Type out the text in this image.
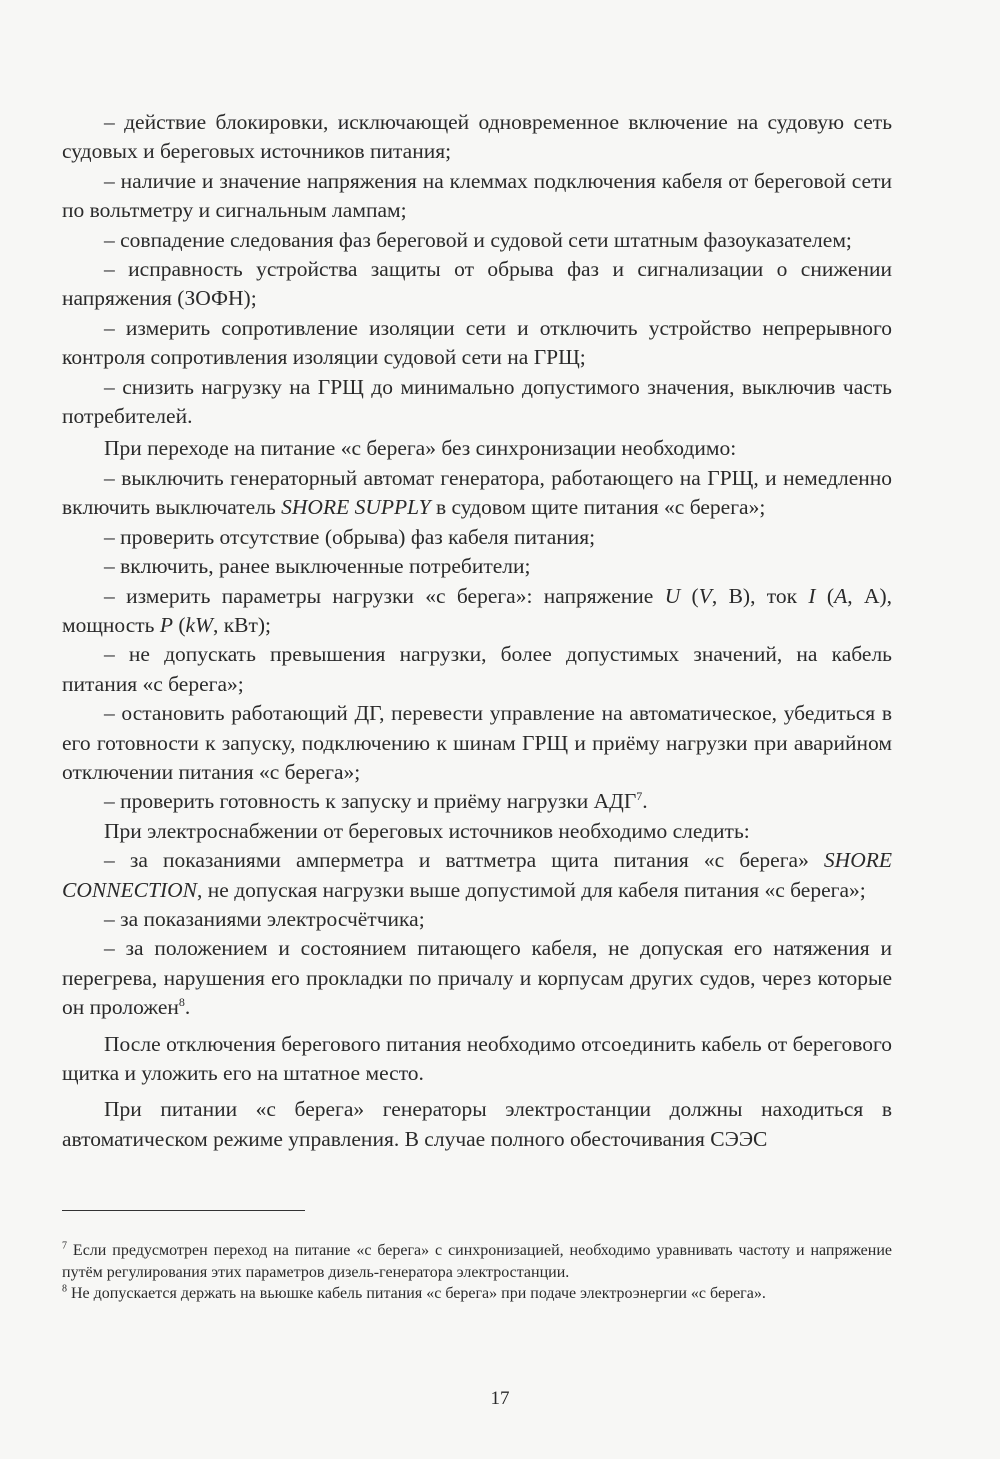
– действие блокировки, исключающей одновременное включение на судовую сеть судовых и береговых источников питания;

– наличие и значение напряжения на клеммах подключения кабеля от береговой сети по вольтметру и сигнальным лампам;

– совпадение следования фаз береговой и судовой сети штатным фазоуказателем;

– исправность устройства защиты от обрыва фаз и сигнализации о снижении напряжения (ЗОФН);

– измерить сопротивление изоляции сети и отключить устройство непрерывного контроля сопротивления изоляции судовой сети на ГРЩ;

– снизить нагрузку на ГРЩ до минимально допустимого значения, выключив часть потребителей.

При переходе на питание «с берега» без синхронизации необходимо:

– выключить генераторный автомат генератора, работающего на ГРЩ, и немедленно включить выключатель SHORE SUPPLY в судовом щите питания «с берега»;

– проверить отсутствие (обрыва) фаз кабеля питания;

– включить, ранее выключенные потребители;

– измерить параметры нагрузки «с берега»: напряжение U (V, В), ток I (A, А), мощность P (kW, кВт);

– не допускать превышения нагрузки, более допустимых значений, на кабель питания «с берега»;

– остановить работающий ДГ, перевести управление на автоматическое, убедиться в его готовности к запуску, подключению к шинам ГРЩ и приёму нагрузки при аварийном отключении питания «с берега»;

– проверить готовность к запуску и приёму нагрузки АДГ$^7$.

При электроснабжении от береговых источников необходимо следить:

– за показаниями амперметра и ваттметра щита питания «с берега» SHORE CONNECTION, не допуская нагрузки выше допустимой для кабеля питания «с берега»;

– за показаниями электросчётчика;

– за положением и состоянием питающего кабеля, не допуская его натяжения и перегрева, нарушения его прокладки по причалу и корпусам других судов, через которые он проложен$^8$.

После отключения берегового питания необходимо отсоединить кабель от берегового щитка и уложить его на штатное место.

При питании «с берега» генераторы электростанции должны находиться в автоматическом режиме управления. В случае полного обесточивания СЭЭС

$^7$ Если предусмотрен переход на питание «с берега» с синхронизацией, необходимо уравнивать частоту и напряжение путём регулирования этих параметров дизель-генератора электростанции.

$^8$ Не допускается держать на вьюшке кабель питания «с берега» при подаче электроэнергии «с берега».

17
